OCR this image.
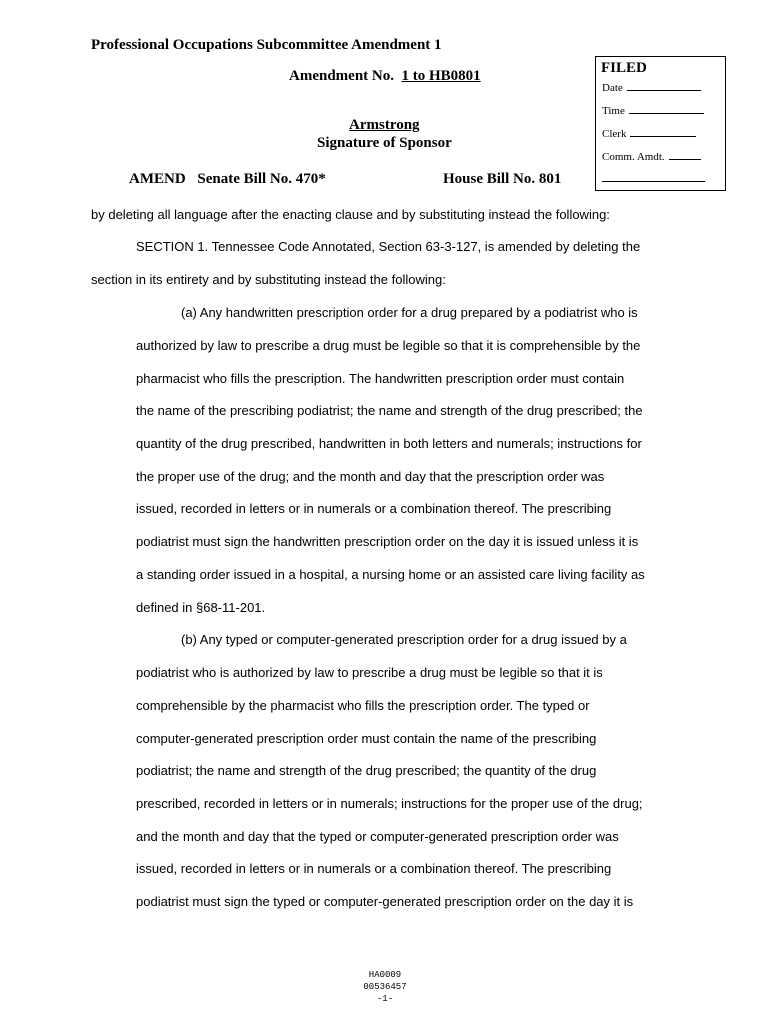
Professional Occupations Subcommittee Amendment 1
Amendment No. 1 to HB0801
Armstrong
Signature of Sponsor
AMEND Senate Bill No. 470*	House Bill No. 801
FILED
Date
Time
Clerk
Comm. Amdt.
by deleting all language after the enacting clause and by substituting instead the following:
SECTION 1. Tennessee Code Annotated, Section 63-3-127, is amended by deleting the
section in its entirety and by substituting instead the following:
(a) Any handwritten prescription order for a drug prepared by a podiatrist who is
authorized by law to prescribe a drug must be legible so that it is comprehensible by the
pharmacist who fills the prescription. The handwritten prescription order must contain
the name of the prescribing podiatrist; the name and strength of the drug prescribed; the
quantity of the drug prescribed, handwritten in both letters and numerals; instructions for
the proper use of the drug; and the month and day that the prescription order was
issued, recorded in letters or in numerals or a combination thereof. The prescribing
podiatrist must sign the handwritten prescription order on the day it is issued unless it is
a standing order issued in a hospital, a nursing home or an assisted care living facility as
defined in §68-11-201.
(b) Any typed or computer-generated prescription order for a drug issued by a
podiatrist who is authorized by law to prescribe a drug must be legible so that it is
comprehensible by the pharmacist who fills the prescription order. The typed or
computer-generated prescription order must contain the name of the prescribing
podiatrist; the name and strength of the drug prescribed; the quantity of the drug
prescribed, recorded in letters or in numerals; instructions for the proper use of the drug;
and the month and day that the typed or computer-generated prescription order was
issued, recorded in letters or in numerals or a combination thereof. The prescribing
podiatrist must sign the typed or computer-generated prescription order on the day it is
HA0009
00536457
-1-
